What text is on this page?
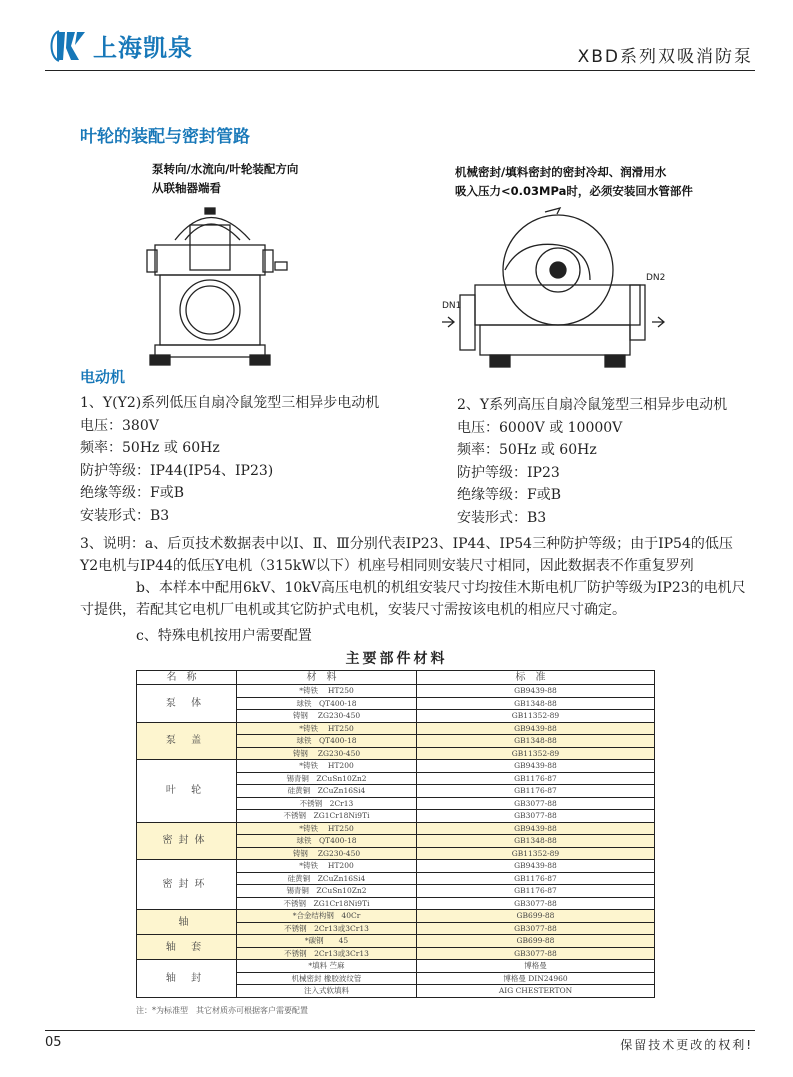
上海凯泉	XBD系列双吸消防泵
叶轮的装配与密封管路
泵转向/水流向/叶轮装配方向
从联轴器端看
机械密封/填料密封的密封冷却、润滑用水
吸入压力<0.03MPa时，必须安装回水管部件
DN1
DN2
电动机
1、Y(Y2)系列低压自扇冷鼠笼型三相异步电动机
电压：380V
频率：50Hz 或 60Hz
防护等级：IP44(IP54、IP23)
绝缘等级：F或B
安装形式：B3
2、Y系列高压自扇冷鼠笼型三相异步电动机
电压：6000V 或 10000V
频率：50Hz 或 60Hz
防护等级：IP23
绝缘等级：F或B
安装形式：B3

3、说明：a、后页技术数据表中以Ⅰ、Ⅱ、Ⅲ分别代表IP23、IP44、IP54三种防护等级；由于IP54的低压

Y2电机与IP44的低压Y电机（315kW以下）机座号相同则安装尺寸相同，因此数据表不作重复罗列

　　　　b、本样本中配用6kV、10kV高压电机的机组安装尺寸均按佳木斯电机厂防护等级为IP23的电机尺

寸提供，若配其它电机厂电机或其它防护式电机，安装尺寸需按该电机的相应尺寸确定。

　　　　c、特殊电机按用户需要配置

主要部件材料
名称	材料	标准
泵 体	*铸铁　 HT250	GB9439-88
	球铁　QT400-18	GB1348-88
	铸钢　 ZG230-450	GB11352-89
泵 盖	*铸铁　 HT250	GB9439-88
	球铁　QT400-18	GB1348-88
	铸钢　 ZG230-450	GB11352-89
叶 轮	*铸铁　 HT200	GB9439-88
	锡青铜　ZCuSn10Zn2	GB1176-87
	硅黄铜　ZCuZn16Si4	GB1176-87
	不锈钢　2Cr13	GB3077-88
	不锈钢　ZG1Cr18Ni9Ti	GB3077-88
密封体	*铸铁　 HT250	GB9439-88
	球铁　QT400-18	GB1348-88
	铸钢　 ZG230-450	GB11352-89
密封环	*铸铁　 HT200	GB9439-88
	硅黄铜　ZCuZn16Si4	GB1176-87
	锡青铜　ZCuSn10Zn2	GB1176-87
	不锈钢　ZG1Cr18Ni9Ti	GB3077-88
轴	*合金结构钢　40Cr	GB699-88
	不锈钢　2Cr13或3Cr13	GB3077-88
轴 套	*碳钢　　45	GB699-88
	不锈钢　2Cr13或3Cr13	GB3077-88
轴 封	*填料 苎麻	博格曼
	机械密封 橡胶波纹管	博格曼 DIN24960
	注入式软填料	AIG CHESTERTON
注：*为标准型　其它材质亦可根据客户需要配置
05	保留技术更改的权利!
